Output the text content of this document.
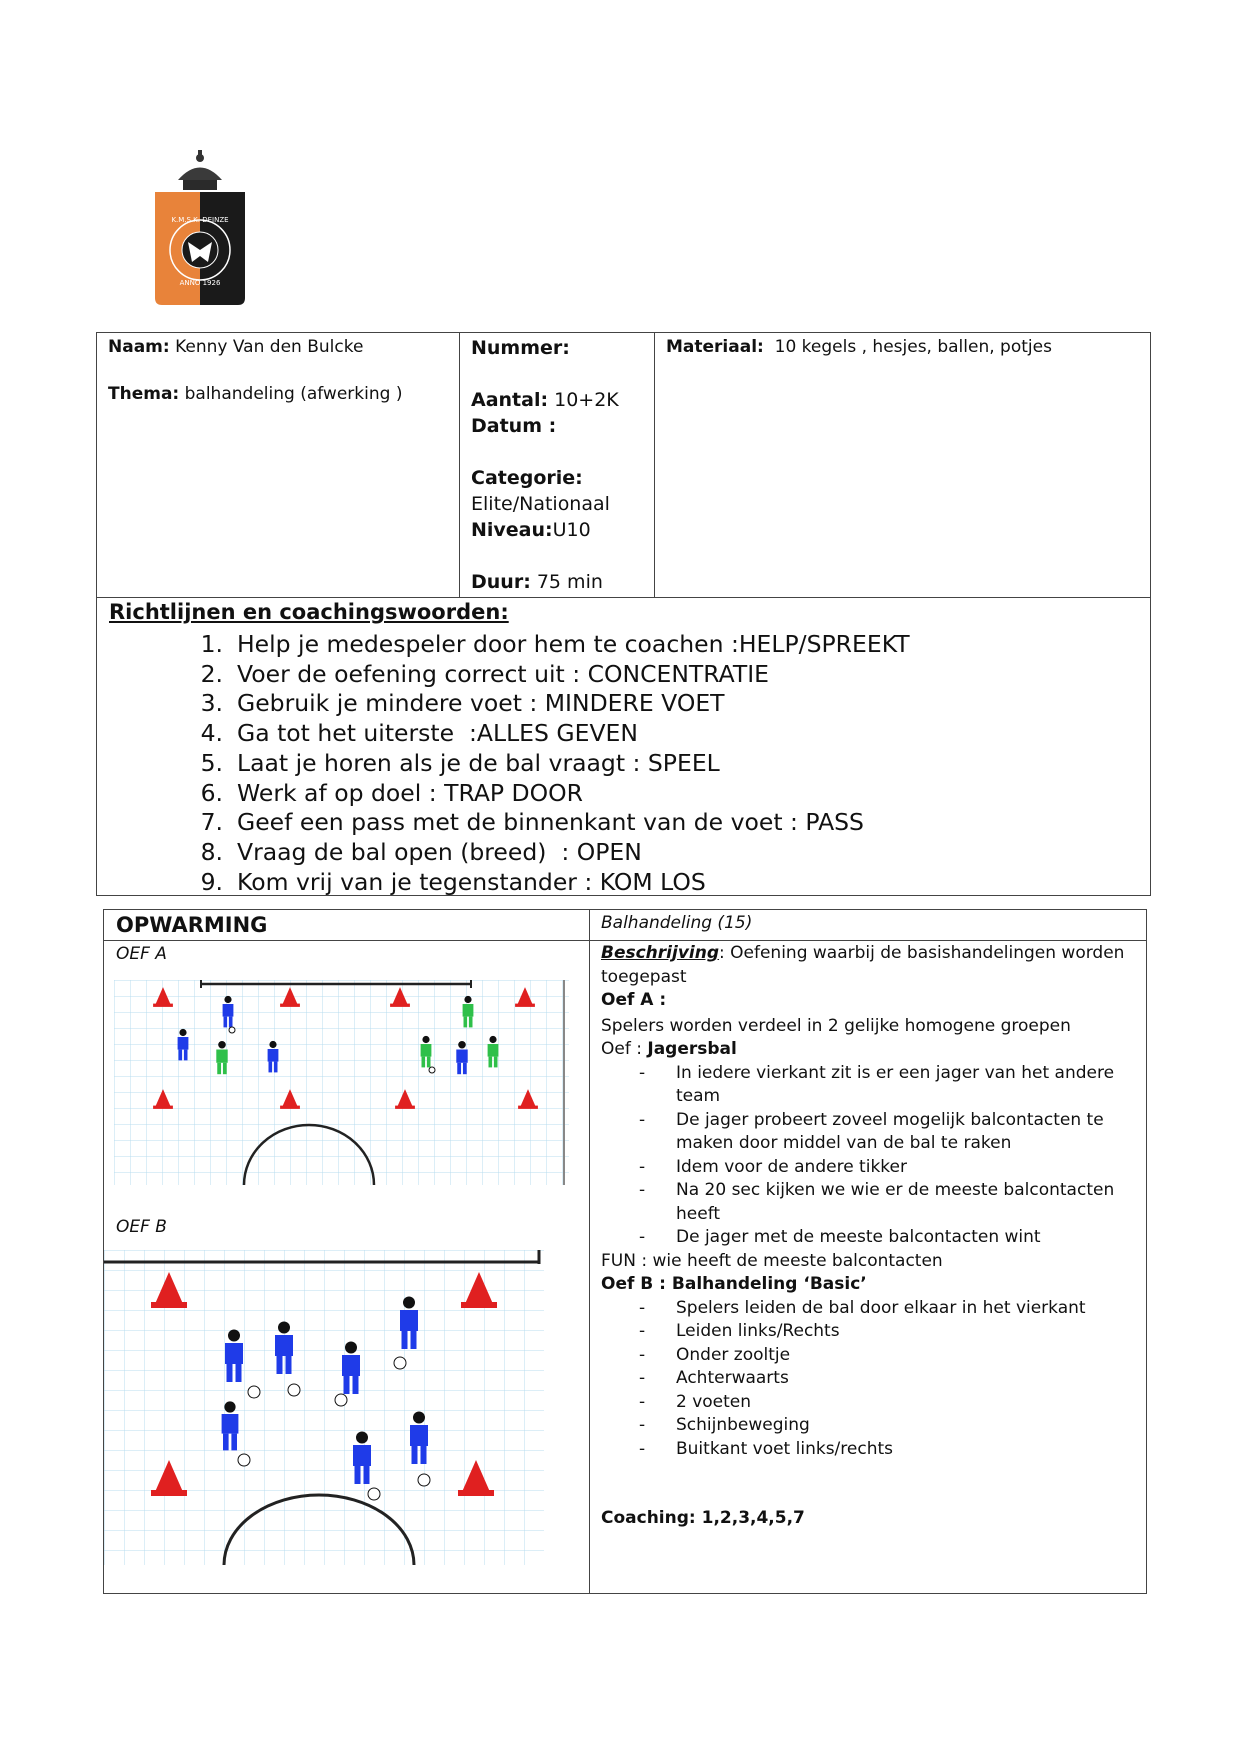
K.M.S.K. DEINZE
ANNO 1926
Naam: Kenny Van den Bulcke
Thema: balhandeling (afwerking )
Nummer:
Aantal: 10+2K
Datum :
Categorie:
Elite/Nationaal
Niveau:U10
Duur: 75 min
Materiaal: 10 kegels , hesjes, ballen, potjes
Richtlijnen en coachingswoorden:
1. Help je medespeler door hem te coachen :HELP/SPREEKT
2. Voer de oefening correct uit : CONCENTRATIE
3. Gebruik je mindere voet : MINDERE VOET
4. Ga tot het uiterste  :ALLES GEVEN
5. Laat je horen als je de bal vraagt : SPEEL
6. Werk af op doel : TRAP DOOR
7. Geef een pass met de binnenkant van de voet : PASS
8. Vraag de bal open (breed)  : OPEN
9. Kom vrij van je tegenstander : KOM LOS
OPWARMING	Balhandeling (15)
OEF A
OEF B

Beschrijving: Oefening waarbij de basishandelingen worden toegepast

Oef A :

Spelers worden verdeel in 2 gelijke homogene groepen

Oef : Jagersbal

- In iedere vierkant zit is er een jager van het andere team
- De jager probeert zoveel mogelijk balcontacten te maken door middel van de bal te raken
- Idem voor de andere tikker
- Na 20 sec kijken we wie er de meeste balcontacten heeft
- De jager met de meeste balcontacten wint

FUN : wie heeft de meeste balcontacten

Oef B : Balhandeling ‘Basic’

- Spelers leiden de bal door elkaar in het vierkant
- Leiden links/Rechts
- Onder zooltje
- Achterwaarts
- 2 voeten
- Schijnbeweging
- Buitkant voet links/rechts

Coaching: 1,2,3,4,5,7
